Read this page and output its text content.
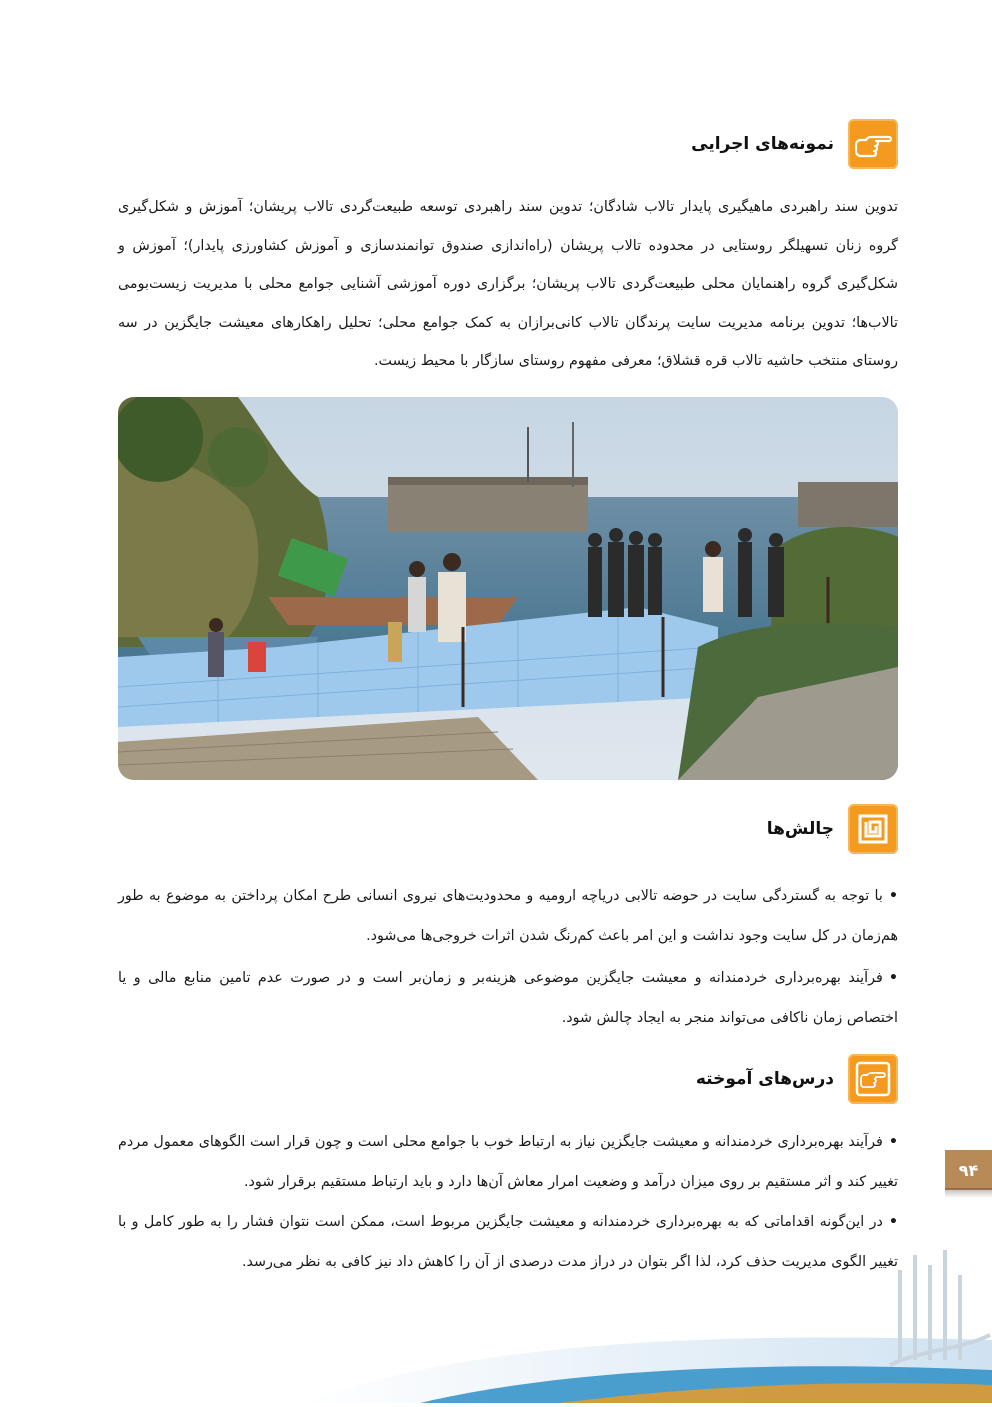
نمونه‌های اجرایی
تدوین سند راهبردی ماهیگیری پایدار تالاب شادگان؛ تدوین سند راهبردی توسعه طبیعت‌گردی تالاب پریشان؛ آموزش و شکل‌گیری گروه زنان تسهیلگر روستایی در محدوده تالاب پریشان (راه‌اندازی صندوق توانمندسازی و آموزش کشاورزی پایدار)؛ آموزش و شکل‌گیری گروه راهنمایان محلی طبیعت‌گردی تالاب پریشان؛ برگزاری دوره آموزشی آشنایی جوامع محلی با مدیریت زیست‌بومی تالاب‌ها؛ تدوین برنامه مدیریت سایت پرندگان تالاب کانی‌برازان به کمک جوامع محلی؛ تحلیل راهکارهای معیشت جایگزین در سه روستای منتخب حاشیه تالاب قره قشلاق؛ معرفی مفهوم روستای سازگار با محیط زیست.
چالش‌ها
•با توجه به گستردگی سایت در حوضه تالابی دریاچه ارومیه و محدودیت‌های نیروی انسانی طرح امکان پرداختن به موضوع به طور هم‌زمان در کل سایت وجود نداشت و این امر باعث کم‌رنگ شدن اثرات خروجی‌ها می‌شود.
•فرآیند بهره‌برداری خردمندانه و معیشت جایگزین موضوعی هزینه‌بر و زمان‌بر است و در صورت عدم تامین منابع مالی و یا اختصاص زمان ناکافی می‌تواند منجر به ایجاد چالش شود.
درس‌های آموخته
•فرآیند بهره‌برداری خردمندانه و معیشت جایگزین نیاز به ارتباط خوب با جوامع محلی است و چون قرار است الگوهای معمول مردم تغییر کند و اثر مستقیم بر روی میزان درآمد و وضعیت امرار معاش آن‌ها دارد و باید ارتباط مستقیم برقرار شود.
•در این‌گونه اقداماتی که به بهره‌برداری خردمندانه و معیشت جایگزین مربوط است، ممکن است نتوان فشار را به طور کامل و با تغییر الگوی مدیریت حذف کرد، لذا اگر بتوان در دراز مدت درصدی از آن را کاهش داد نیز کافی به نظر می‌رسد.
۹۴
